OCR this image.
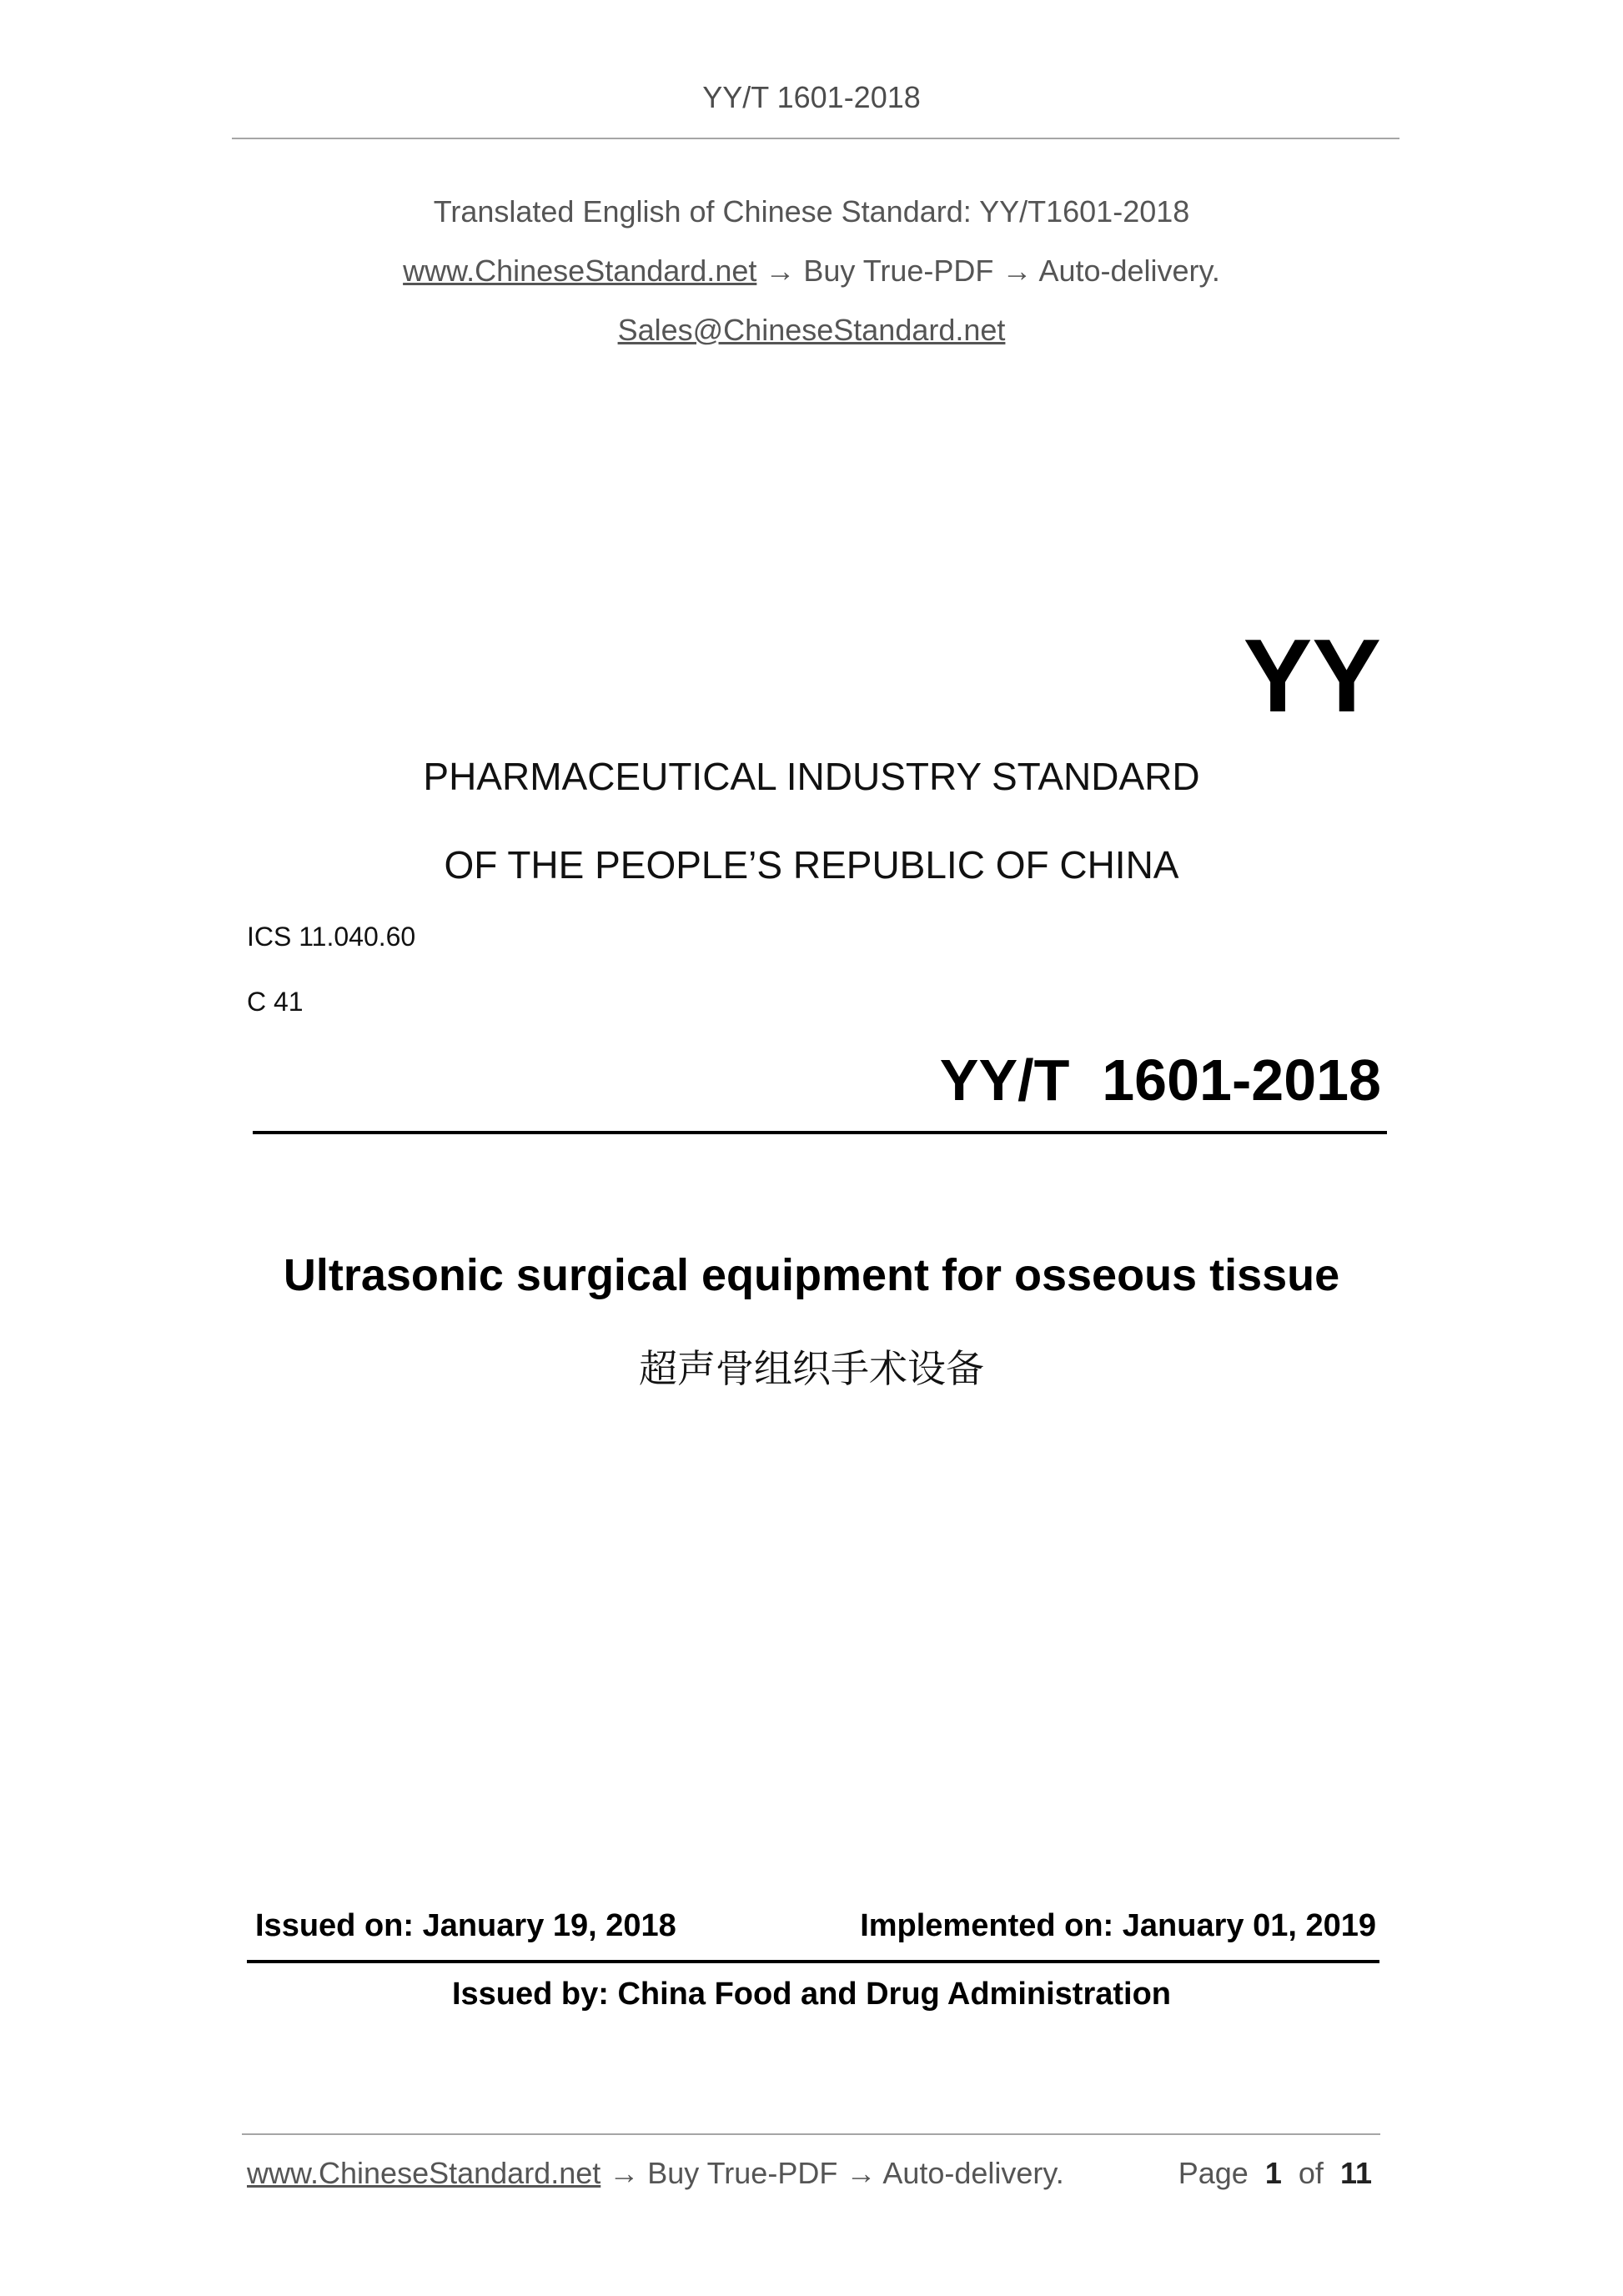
YY/T 1601-2018
Translated English of Chinese Standard: YY/T1601-2018
www.ChineseStandard.net → Buy True-PDF → Auto-delivery.
Sales@ChineseStandard.net
YY
PHARMACEUTICAL INDUSTRY STANDARD
OF THE PEOPLE’S REPUBLIC OF CHINA
ICS 11.040.60
C 41
YY/T  1601-2018
Ultrasonic surgical equipment for osseous tissue
超声骨组织手术设备
Issued on: January 19, 2018	Implemented on: January 01, 2019
Issued by: China Food and Drug Administration
www.ChineseStandard.net → Buy True-PDF → Auto-delivery.	Page 1 of 11
